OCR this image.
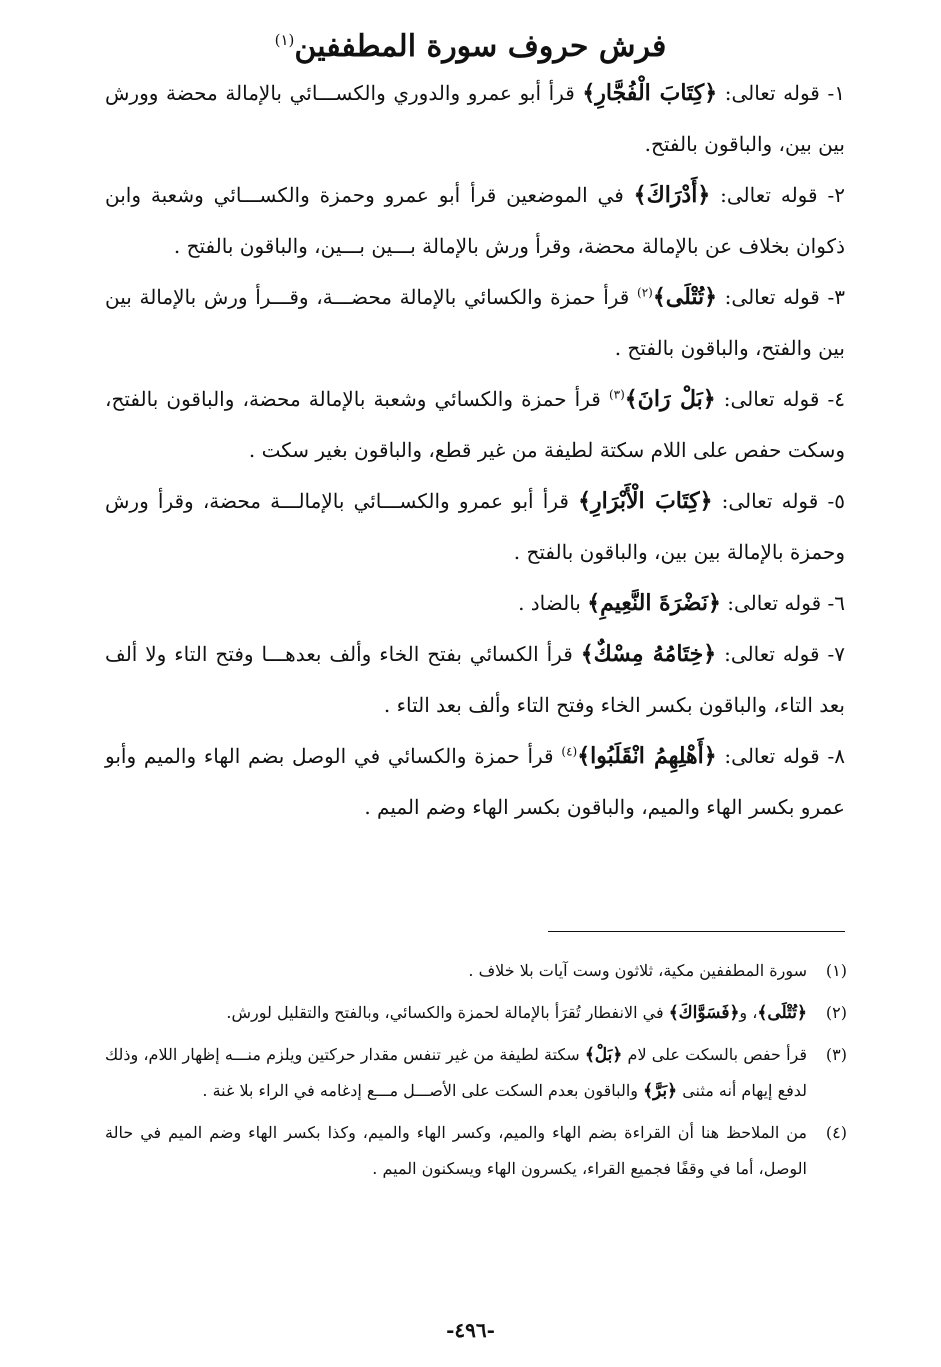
فرش حروف سورة المطففين$^{(١)}$

١- قوله تعالى: ﴿كِتَابَ الْفُجَّارِ﴾ قرأ أبو عمرو والدوري والكســـائي بالإمالة محضة وورش بين بين، والباقون بالفتح.

٢- قوله تعالى: ﴿أَدْرَاكَ﴾ في الموضعين قرأ أبو عمرو وحمزة والكســـائي وشعبة وابن ذكوان بخلاف عن بالإمالة محضة، وقرأ ورش بالإمالة بـــين بـــين، والباقون بالفتح .

٣- قوله تعالى: ﴿تُتْلَى﴾$^{(٢)}$ قرأ حمزة والكسائي بالإمالة محضـــة، وقـــرأ ورش بالإمالة بين بين والفتح، والباقون بالفتح .

٤- قوله تعالى: ﴿بَلْ رَانَ﴾$^{(٣)}$ قرأ حمزة والكسائي وشعبة بالإمالة محضة، والباقون بالفتح، وسكت حفص على اللام سكتة لطيفة من غير قطع، والباقون بغير سكت .

٥- قوله تعالى: ﴿كِتَابَ الْأَبْرَارِ﴾ قرأ أبو عمرو والكســـائي بالإمالـــة محضة، وقرأ ورش وحمزة بالإمالة بين بين، والباقون بالفتح .

٦- قوله تعالى: ﴿نَضْرَةَ النَّعِيمِ﴾ بالضاد .

٧- قوله تعالى: ﴿خِتَامُهُ مِسْكٌ﴾ قرأ الكسائي بفتح الخاء وألف بعدهـــا وفتح التاء ولا ألف بعد التاء، والباقون بكسر الخاء وفتح التاء وألف بعد التاء .

٨- قوله تعالى: ﴿أَهْلِهِمُ انْقَلَبُوا﴾$^{(٤)}$ قرأ حمزة والكسائي في الوصل بضم الهاء والميم وأبو عمرو بكسر الهاء والميم، والباقون بكسر الهاء وضم الميم .

(١)سورة المطففين مكية، ثلاثون وست آيات بلا خلاف .

(٢)﴿تُتْلَى﴾، و﴿فَسَوَّاكَ﴾ في الانفطار تُقرَأ بالإمالة لحمزة والكسائي، وبالفتح والتقليل لورش.

(٣)قرأ حفص بالسكت على لام ﴿بَلْ﴾ سكتة لطيفة من غير تنفس مقدار حركتين ويلزم منـــه إظهار اللام، وذلك لدفع إيهام أنه مثنى ﴿بَرَّ﴾ والباقون بعدم السكت على الأصـــل مـــع إدغامه في الراء بلا غنة .

(٤)من الملاحظ هنا أن القراءة بضم الهاء والميم، وكسر الهاء والميم، وكذا بكسر الهاء وضم الميم في حالة الوصل، أما في وقفًا فجميع القراء، يكسرون الهاء ويسكنون الميم .

-٤٩٦-
